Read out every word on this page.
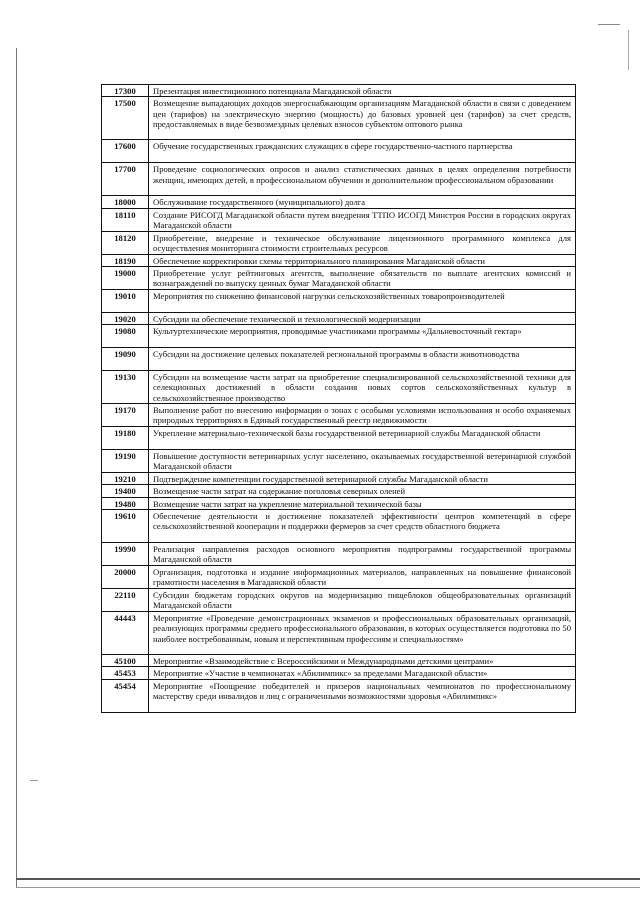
17300	Презентация инвестиционного потенциала Магаданской области
17500	Возмещение выпадающих доходов энергоснабжающим организациям Магаданской области в связи с доведением цен (тарифов) на электрическую энергию (мощность) до базовых уровней цен (тарифов) за счет средств, предоставляемых в виде безвозмездных целевых взносов субъектом оптового рынка
17600	Обучение государственных гражданских служащих в сфере государственно-частного партнерства
17700	Проведение социологических опросов и анализ статистических данных в целях определения потребности женщин, имеющих детей, в профессиональном обучении и дополнительном профессиональном образовании
18000	Обслуживание государственного (муниципального) долга
18110	Создание РИСОГД Магаданской области путем внедрения ТТПО ИСОГД Минстроя России в городских округах Магаданской области
18120	Приобретение, внедрение и техническое обслуживание лицензионного программного комплекса для осуществления мониторинга стоимости строительных ресурсов
18190	Обеспечение корректировки схемы территориального планирования Магаданской области
19000	Приобретение услуг рейтинговых агентств, выполнение обязательств по выплате агентских комиссий и вознаграждений по выпуску ценных бумаг Магаданской области
19010	Мероприятия по снижению финансовой нагрузки сельскохозяйственных товаропроизводителей
19020	Субсидии на обеспечение технической и технологической модернизации
19080	Культуртехнические мероприятия, проводимые участниками программы «Дальневосточный гектар»
19090	Субсидии на достижение целевых показателей региональной программы в области животноводства
19130	Субсидии на возмещение части затрат на приобретение специализированной сельскохозяйственной техники для селекционных достижений в области создания новых сортов сельскохозяйственных культур в сельскохозяйственное производство
19170	Выполнение работ по внесению информации о зонах с особыми условиями использования и особо охраняемых природных территориях в Единый государственный реестр недвижимости
19180	Укрепление материально-технической базы государственной ветеринарной службы Магаданской области
19190	Повышение доступности ветеринарных услуг населению, оказываемых государственной ветеринарной службой Магаданской области
19210	Подтверждение компетенции государственной ветеринарной службы Магаданской области
19400	Возмещение части затрат на содержание поголовья северных оленей
19480	Возмещение части затрат на укрепление материальной технической базы
19610	Обеспечение деятельности и достижение показателей эффективности центров компетенций в сфере сельскохозяйственной кооперации и поддержки фермеров за счет средств областного бюджета
19990	Реализация направления расходов основного мероприятия подпрограммы государственной программы Магаданской области
20000	Организация, подготовка и издание информационных материалов, направленных на повышение финансовой грамотности населения в Магаданской области
22110	Субсидии бюджетам городских округов на модернизацию пищеблоков общеобразовательных организаций Магаданской области
44443	Мероприятие «Проведение демонстрационных экзаменов и профессиональных образовательных организаций, реализующих программы среднего профессионального образования, в которых осуществляется подготовка по 50 наиболее востребованным, новым и перспективным профессиям и специальностям»
45100	Мероприятие «Взаимодействие с Всероссийскими и Международными детскими центрами»
45453	Мероприятие «Участие в чемпионатах «Абилимпикс» за пределами Магаданской области»
45454	Мероприятие «Поощрение победителей и призеров национальных чемпионатов по профессиональному мастерству среди инвалидов и лиц с ограниченными возможностями здоровья «Абилимпикс»
